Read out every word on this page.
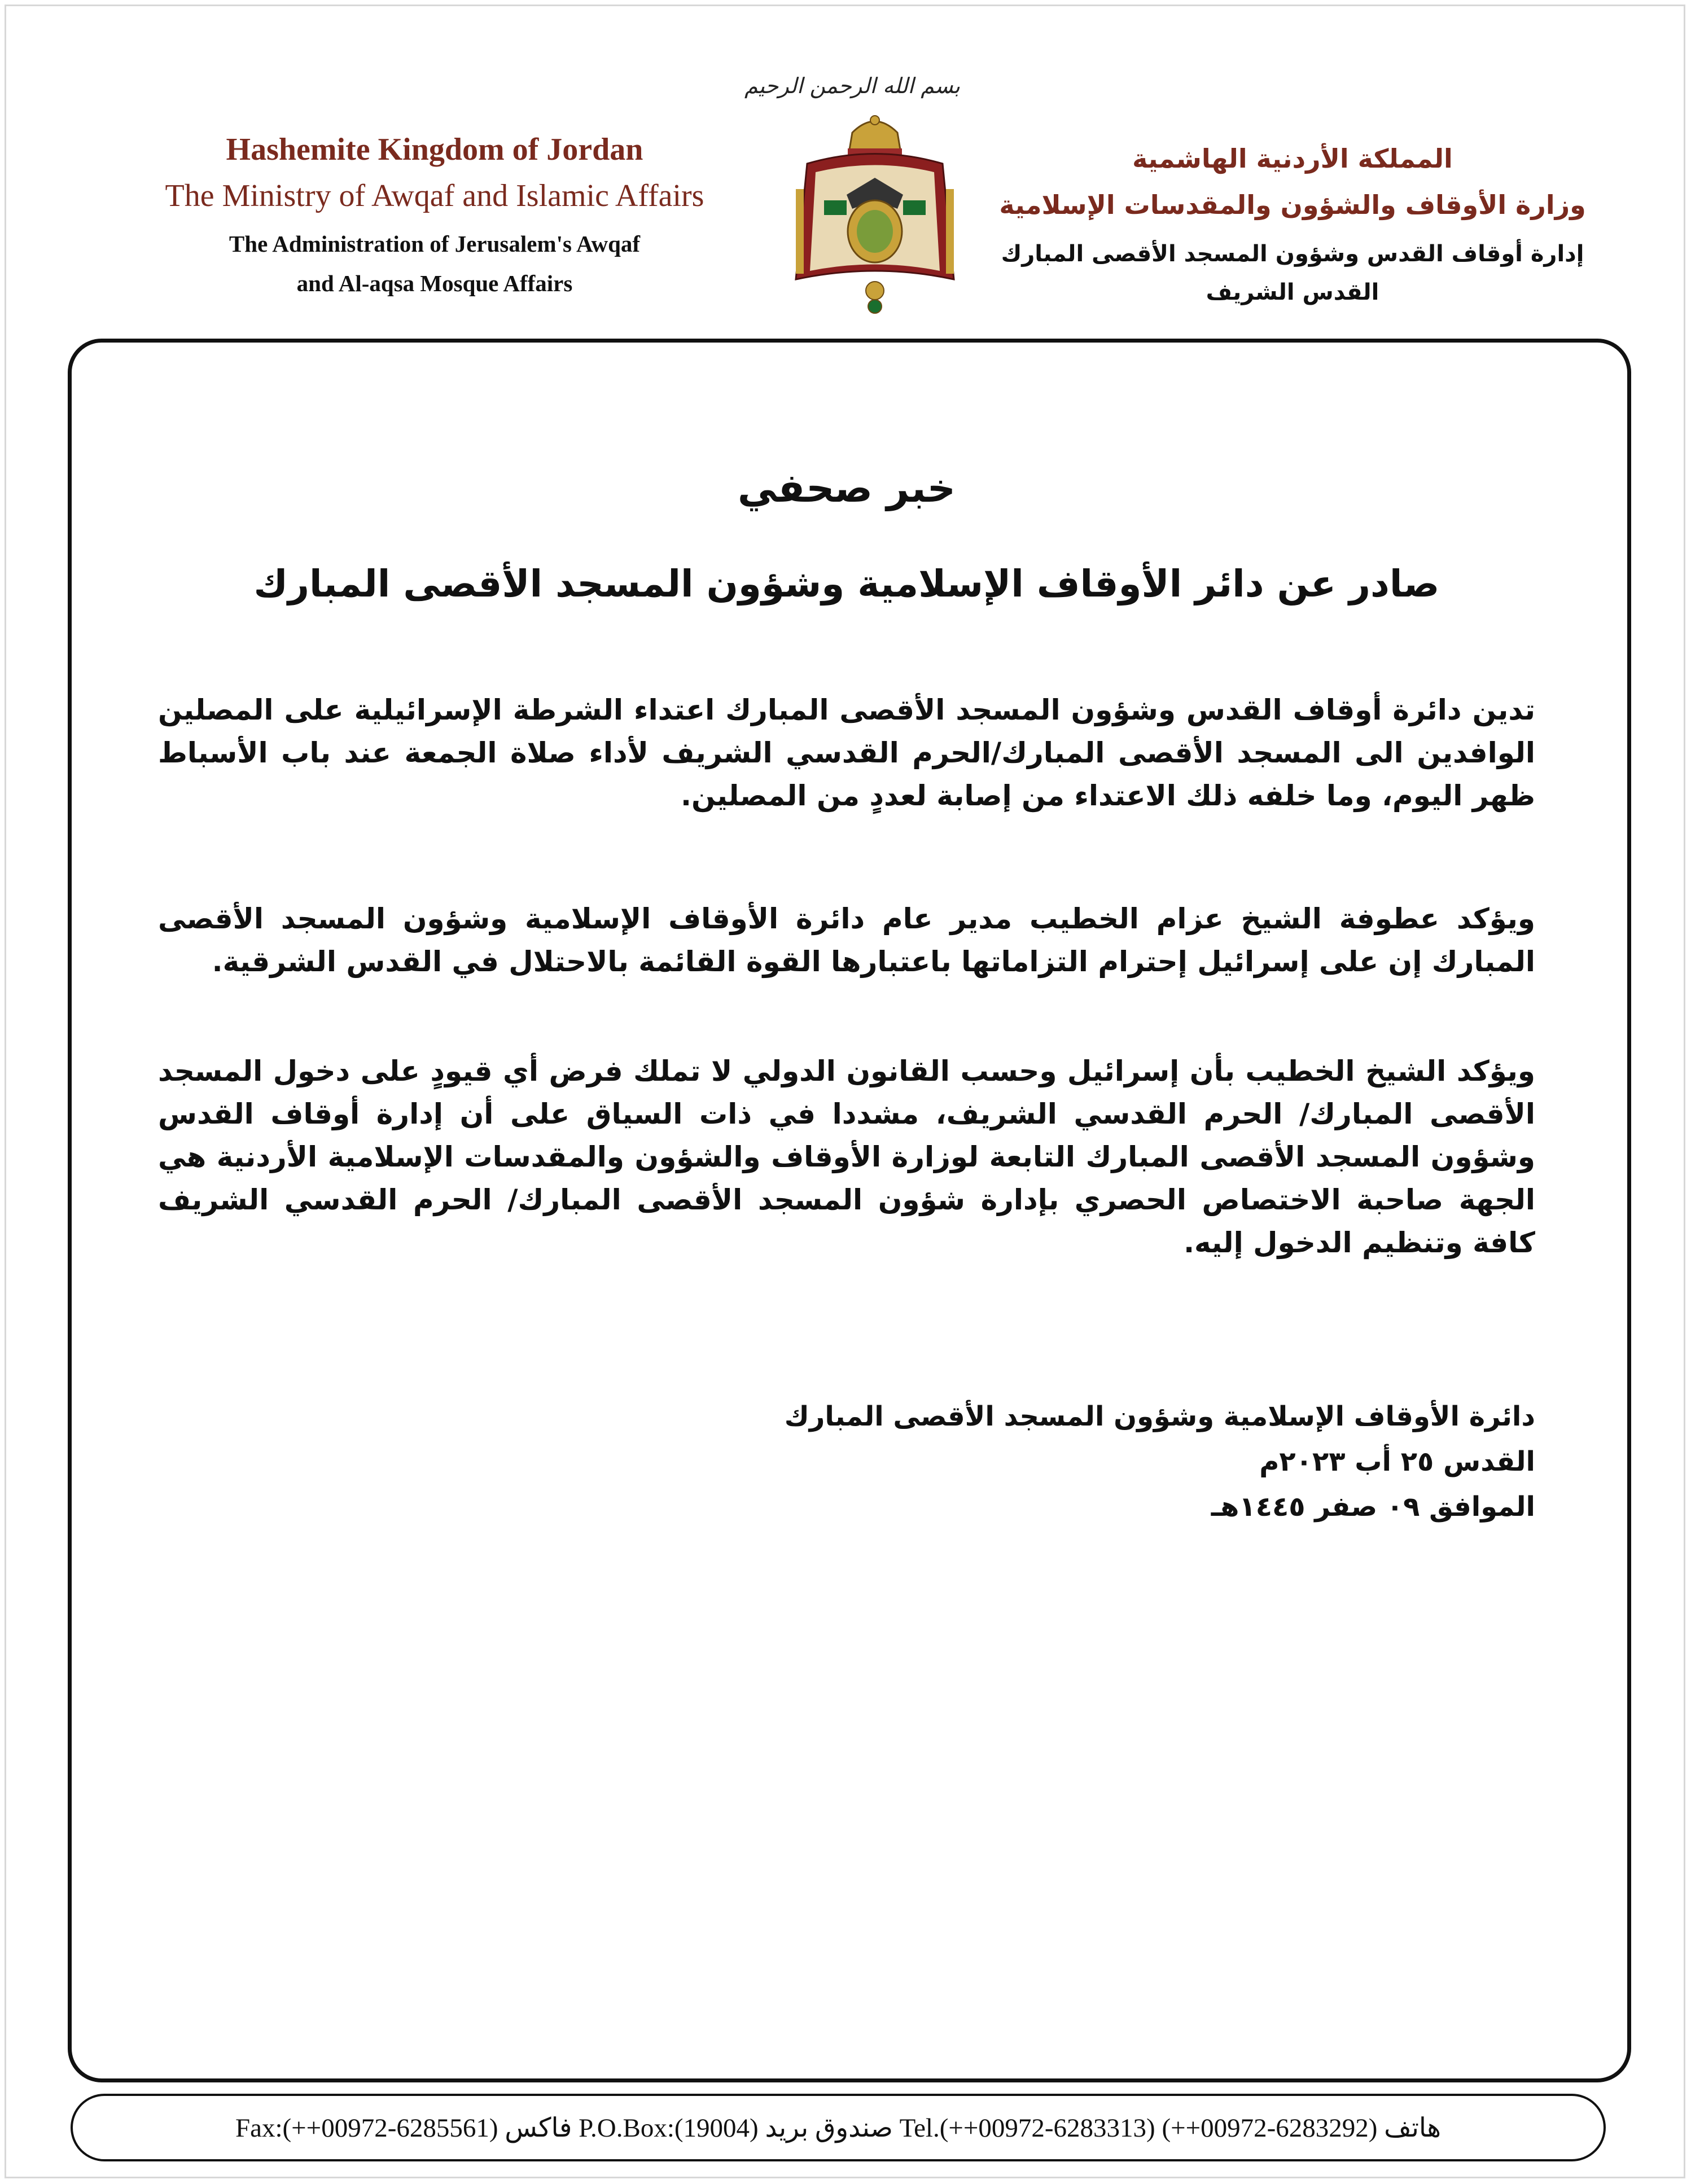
بسم الله الرحمن الرحيم
Hashemite Kingdom of Jordan
The Ministry of Awqaf and Islamic Affairs
The Administration of Jerusalem's Awqaf
and Al-aqsa Mosque Affairs
المملكة الأردنية الهاشمية
وزارة الأوقاف والشؤون والمقدسات الإسلامية
إدارة أوقاف القدس وشؤون المسجد الأقصى المبارك
القدس الشريف
خبر صحفي
صادر عن دائر الأوقاف الإسلامية وشؤون المسجد الأقصى المبارك
تدين دائرة أوقاف القدس وشؤون المسجد الأقصى المبارك اعتداء الشرطة الإسرائيلية على المصلين الوافدين الى المسجد الأقصى المبارك/الحرم القدسي الشريف لأداء صلاة الجمعة عند باب الأسباط ظهر اليوم، وما خلفه ذلك الاعتداء من إصابة لعددٍ من المصلين.
ويؤكد عطوفة الشيخ عزام الخطيب مدير عام دائرة الأوقاف الإسلامية وشؤون المسجد الأقصى المبارك إن على إسرائيل إحترام التزاماتها باعتبارها القوة القائمة بالاحتلال في القدس الشرقية.
ويؤكد الشيخ الخطيب بأن إسرائيل وحسب القانون الدولي لا تملك فرض أي قيودٍ على دخول المسجد الأقصى المبارك/ الحرم القدسي الشريف، مشددا في ذات السياق على أن إدارة أوقاف القدس وشؤون المسجد الأقصى المبارك التابعة لوزارة الأوقاف والشؤون والمقدسات الإسلامية الأردنية هي الجهة صاحبة الاختصاص الحصري بإدارة شؤون المسجد الأقصى المبارك/ الحرم القدسي الشريف كافة وتنظيم الدخول إليه.
دائرة الأوقاف الإسلامية وشؤون المسجد الأقصى المبارك
القدس ٢٥ أب ٢٠٢٣م
الموافق ٠٩ صفر ١٤٤٥هـ
Fax:(++00972-6285561) فاكس P.O.Box:(19004) صندوق بريد Tel.(++00972-6283313) (++00972-6283292) هاتف
